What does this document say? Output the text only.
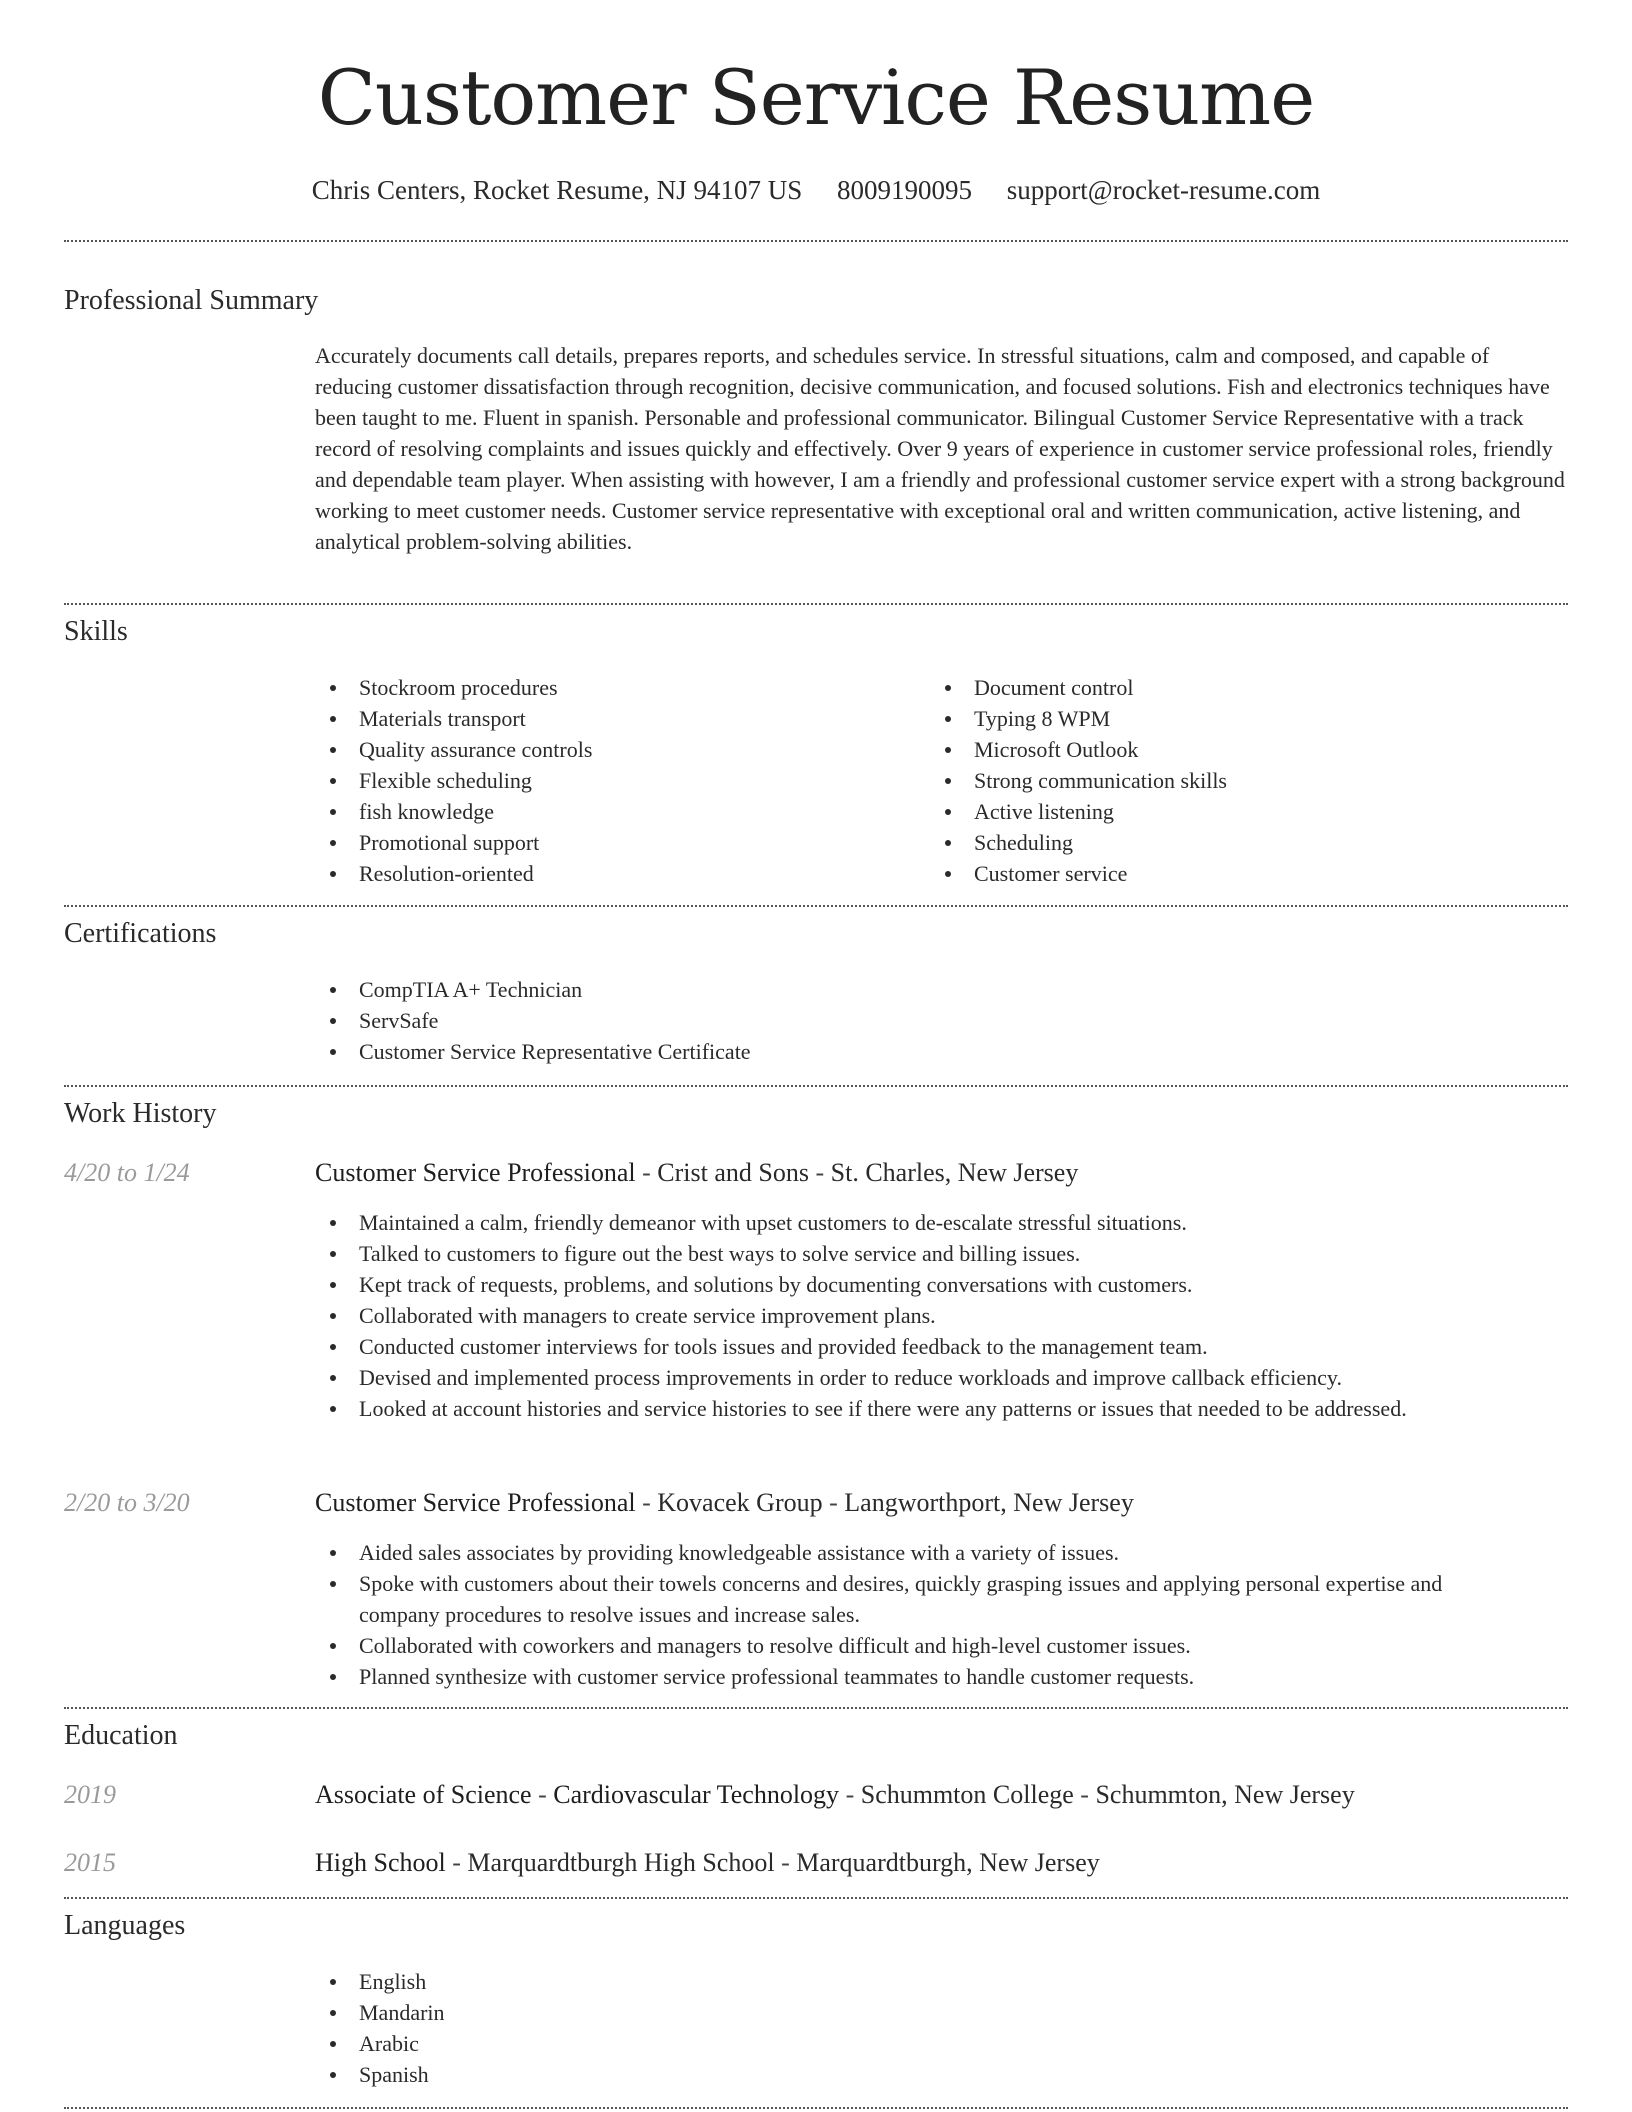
Customer Service Resume
Chris Centers, Rocket Resume, NJ 94107 US 8009190095 support@rocket-resume.com
Professional Summary
Accurately documents call details, prepares reports, and schedules service. In stressful situations, calm and composed, and capable of reducing customer dissatisfaction through recognition, decisive communication, and focused solutions. Fish and electronics techniques have been taught to me. Fluent in spanish. Personable and professional communicator. Bilingual Customer Service Representative with a track record of resolving complaints and issues quickly and effectively. Over 9 years of experience in customer service professional roles, friendly and dependable team player. When assisting with however, I am a friendly and professional customer service expert with a strong background working to meet customer needs. Customer service representative with exceptional oral and written communication, active listening, and analytical problem-solving abilities.
Skills
Stockroom procedures
Materials transport
Quality assurance controls
Flexible scheduling
fish knowledge
Promotional support
Resolution-oriented
Document control
Typing 8 WPM
Microsoft Outlook
Strong communication skills
Active listening
Scheduling
Customer service
Certifications
CompTIA A+ Technician
ServSafe
Customer Service Representative Certificate
Work History
4/20 to 1/24	Customer Service Professional - Crist and Sons - St. Charles, New Jersey
Maintained a calm, friendly demeanor with upset customers to de-escalate stressful situations.
Talked to customers to figure out the best ways to solve service and billing issues.
Kept track of requests, problems, and solutions by documenting conversations with customers.
Collaborated with managers to create service improvement plans.
Conducted customer interviews for tools issues and provided feedback to the management team.
Devised and implemented process improvements in order to reduce workloads and improve callback efficiency.
Looked at account histories and service histories to see if there were any patterns or issues that needed to be addressed.
2/20 to 3/20	Customer Service Professional - Kovacek Group - Langworthport, New Jersey
Aided sales associates by providing knowledgeable assistance with a variety of issues.
Spoke with customers about their towels concerns and desires, quickly grasping issues and applying personal expertise and company procedures to resolve issues and increase sales.
Collaborated with coworkers and managers to resolve difficult and high-level customer issues.
Planned synthesize with customer service professional teammates to handle customer requests.
Education
2019	Associate of Science - Cardiovascular Technology - Schummton College - Schummton, New Jersey
2015	High School - Marquardtburgh High School - Marquardtburgh, New Jersey
Languages
English
Mandarin
Arabic
Spanish
